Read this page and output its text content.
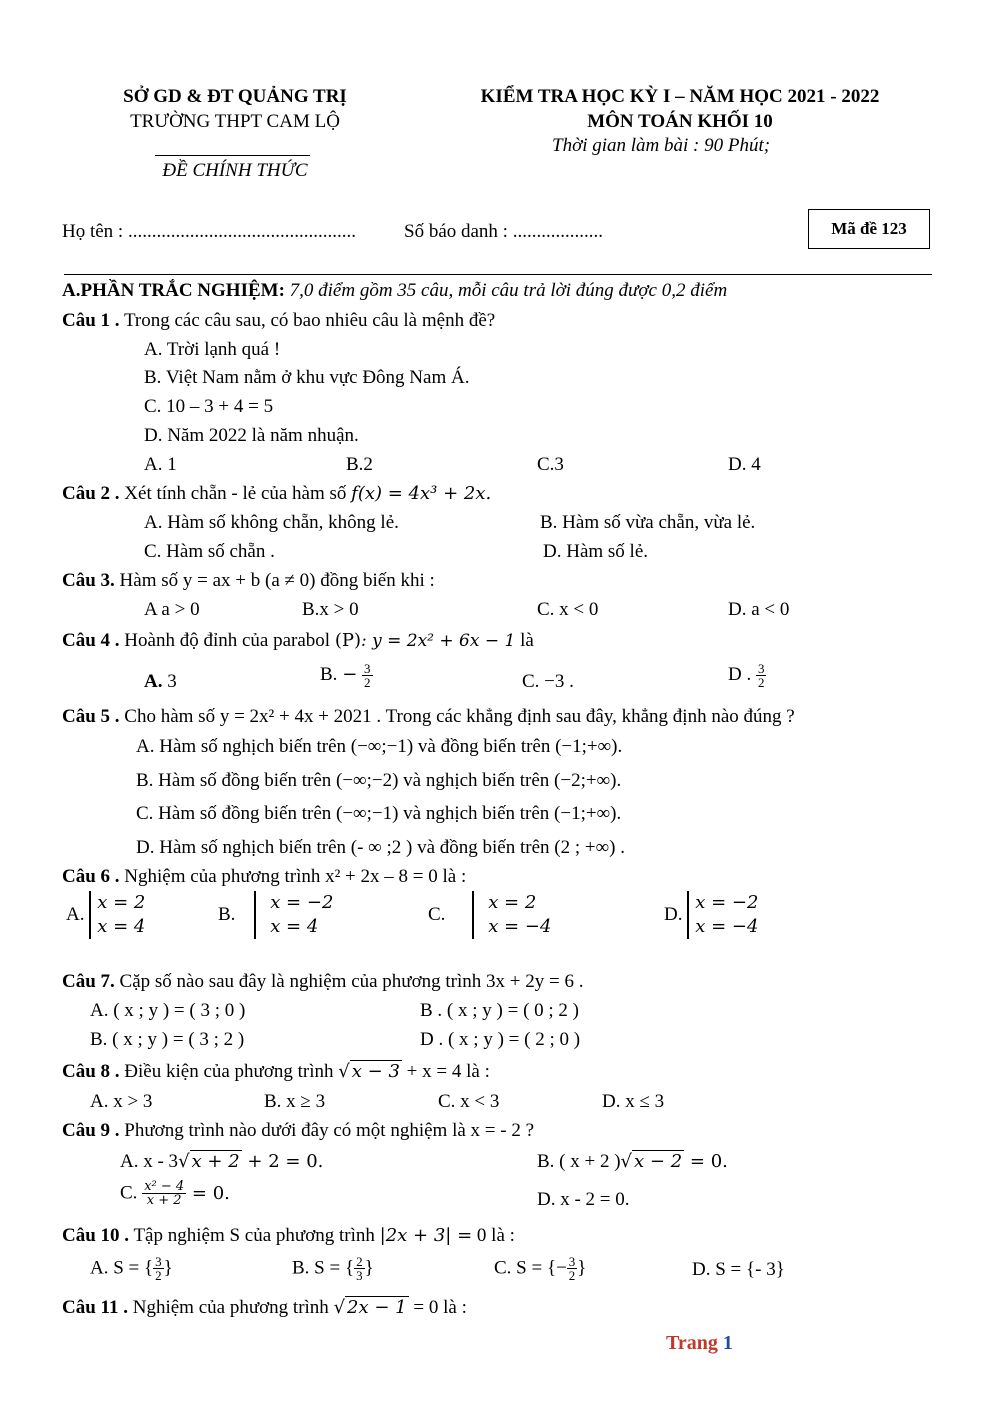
SỞ GD & ĐT QUẢNG TRỊ
TRƯỜNG THPT CAM LỘ
ĐỀ CHÍNH THỨC
KIỂM TRA HỌC KỲ I – NĂM HỌC 2021 - 2022
MÔN TOÁN KHỐI 10
Thời gian làm bài : 90 Phút;
Họ tên : ................................................	Số báo danh : ...................	Mã đề 123
A.PHẦN TRẮC NGHIỆM: 7,0 điểm gồm 35 câu, mỗi câu trả lời đúng được 0,2 điểm
Câu 1 . Trong các câu sau, có bao nhiêu câu là mệnh đề?
A. Trời lạnh quá !
B. Việt Nam nằm ở khu vực Đông Nam Á.
C. 10 – 3 + 4 = 5
D. Năm 2022 là năm nhuận.
A. 1	B.2	C.3	D. 4
Câu 2 . Xét tính chẵn - lẻ của hàm số f(x) = 4x³ + 2x.
A. Hàm số không chẵn, không lẻ.	B. Hàm số vừa chẵn, vừa lẻ.
C. Hàm số chẵn .	D. Hàm số lẻ.
Câu 3. Hàm số y = ax + b (a ≠ 0) đồng biến khi :
A a > 0	B.x > 0	C. x < 0	D. a < 0
Câu 4 . Hoành độ đỉnh của parabol (P): y = 2x² + 6x − 1 là
A. 3	B. − $\frac{3}{2}$	C. −3 .	D . $\frac{3}{2}$
Câu 5 . Cho hàm số y = 2x² + 4x + 2021 . Trong các khẳng định sau đây, khẳng định nào đúng ?
A. Hàm số nghịch biến trên (−∞;−1) và đồng biến trên (−1;+∞).
B. Hàm số đồng biến trên (−∞;−2) và nghịch biến trên (−2;+∞).
C. Hàm số đồng biến trên (−∞;−1) và nghịch biến trên (−1;+∞).
D. Hàm số nghịch biến trên (- ∞ ;2 ) và đồng biến trên (2 ; +∞) .
Câu 6 . Nghiệm của phương trình x² + 2x – 8 = 0 là :
A.
x = 2
x = 4
B.
x = −2
x = 4
C.
x = 2
x = −4
D.
x = −2
x = −4
Câu 7. Cặp số nào sau đây là nghiệm của phương trình 3x + 2y = 6 .
A. ( x ; y ) = ( 3 ; 0 )	B . ( x ; y ) = ( 0 ; 2 )
B. ( x ; y ) = ( 3 ; 2 )	D . ( x ; y ) = ( 2 ; 0 )
Câu 8 . Điều kiện của phương trình √ x − 3 + x = 4 là :
A. x > 3	B. x ≥ 3	C. x < 3	D. x ≤ 3
Câu 9 . Phương trình nào dưới đây có một nghiệm là x = - 2 ?
A. x - 3√ x + 2 + 2 = 0.	B. ( x + 2 )√ x − 2 = 0.
C. $\frac{\text{x² − 4}}{x + 2} = 0$.	D. x - 2 = 0.
Câu 10 . Tập nghiệm S của phương trình |2x + 3| = 0 là :
A. S = { $\frac{3}{2}$ }	B. S = { $\frac{2}{3}$ }	C. S = {− $\frac{3}{2}$ }	D. S = {- 3}
Câu 11 . Nghiệm của phương trình √ 2x − 1 = 0 là :
Trang 1
